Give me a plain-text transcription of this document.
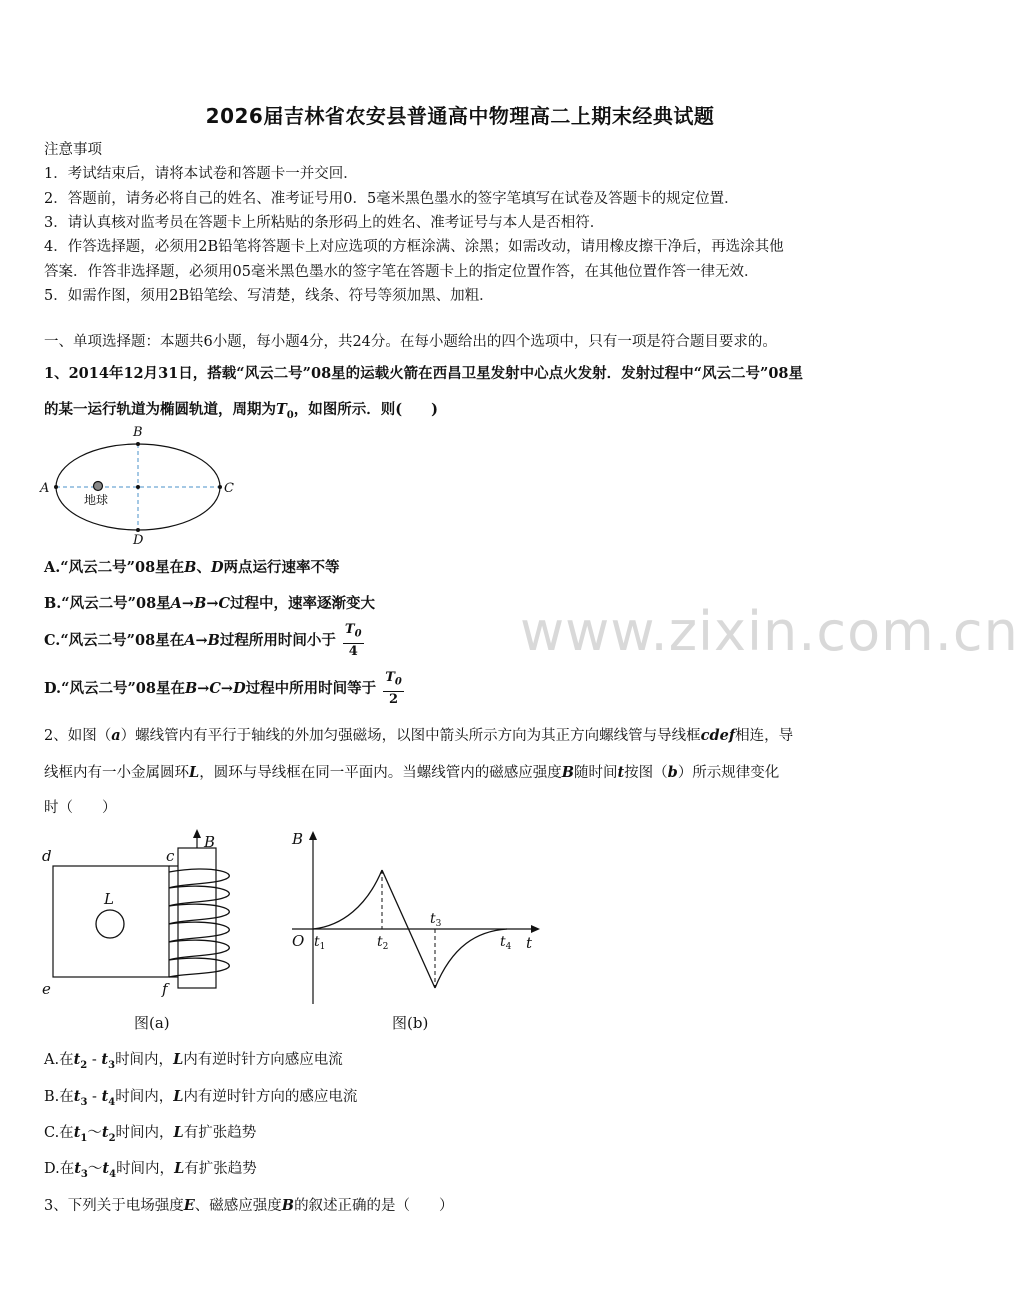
2026届吉林省农安县普通高中物理高二上期末经典试题
注意事项
1．考试结束后，请将本试卷和答题卡一并交回．
2．答题前，请务必将自己的姓名、准考证号用0．5毫米黑色墨水的签字笔填写在试卷及答题卡的规定位置．
3．请认真核对监考员在答题卡上所粘贴的条形码上的姓名、准考证号与本人是否相符．
4．作答选择题，必须用2B铅笔将答题卡上对应选项的方框涂满、涂黑；如需改动，请用橡皮擦干净后，再选涂其他
答案．作答非选择题，必须用05毫米黑色墨水的签字笔在答题卡上的指定位置作答，在其他位置作答一律无效．
5．如需作图，须用2B铅笔绘、写清楚，线条、符号等须加黑、加粗．
一、单项选择题：本题共6小题，每小题4分，共24分。在每小题给出的四个选项中，只有一项是符合题目要求的。
1、2014年12月31日，搭载“风云二号”08星的运载火箭在西昌卫星发射中心点火发射．发射过程中“风云二号”08星
的某一运行轨道为椭圆轨道，周期为$T_0$，如图所示．则(　　)
A	C
B
D
地球
A.“风云二号”08星在B、D两点运行速率不等
B.“风云二号”08星A→B→C过程中，速率逐渐变大
C.“风云二号”08星在A→B过程所用时间小于 $\frac{T_0}{4}$
D.“风云二号”08星在B→C→D过程中所用时间等于 $\frac{T_0}{2}$
www.zixin.com.cn
2、如图（a）螺线管内有平行于轴线的外加匀强磁场，以图中箭头所示方向为其正方向螺线管与导线框cdef相连，导
线框内有一小金属圆环L，圆环与导线框在同一平面内。当螺线管内的磁感应强度B随时间t按图（b）所示规律变化
时（　　）
d	c
B
L
e	f
图(a)
B
O	t
$t_1$	$t_2$
$t_3$
$t_4$
图(b)
A.在$t_2 - t_3$时间内，L内有逆时针方向感应电流
B.在$t_3 - t_4$时间内，L内有逆时针方向的感应电流
C.在$t_1\sim t_2$时间内，L有扩张趋势
D.在$t_3\sim t_4$时间内，L有扩张趋势
3、下列关于电场强度E、磁感应强度B的叙述正确的是（　　）
